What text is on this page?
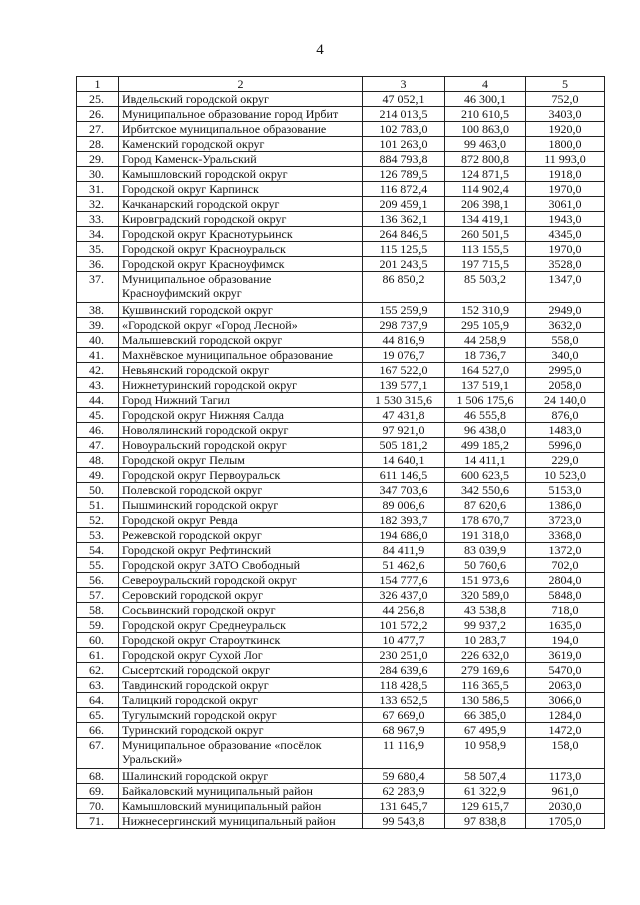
4
1	2	3	4	5
25.	Ивдельский городской округ	47 052,1	46 300,1	752,0
26.	Муниципальное образование город Ирбит	214 013,5	210 610,5	3403,0
27.	Ирбитское муниципальное образование	102 783,0	100 863,0	1920,0
28.	Каменский городской округ	101 263,0	99 463,0	1800,0
29.	Город Каменск-Уральский	884 793,8	872 800,8	11 993,0
30.	Камышловский городской округ	126 789,5	124 871,5	1918,0
31.	Городской округ Карпинск	116 872,4	114 902,4	1970,0
32.	Качканарский городской округ	209 459,1	206 398,1	3061,0
33.	Кировградский городской округ	136 362,1	134 419,1	1943,0
34.	Городской округ Краснотурьинск	264 846,5	260 501,5	4345,0
35.	Городской округ Красноуральск	115 125,5	113 155,5	1970,0
36.	Городской округ Красноуфимск	201 243,5	197 715,5	3528,0
37.	Муниципальное образование Красноуфимский округ	86 850,2	85 503,2	1347,0
38.	Кушвинский городской округ	155 259,9	152 310,9	2949,0
39.	«Городской округ «Город Лесной»	298 737,9	295 105,9	3632,0
40.	Малышевский городской округ	44 816,9	44 258,9	558,0
41.	Махнёвское муниципальное образование	19 076,7	18 736,7	340,0
42.	Невьянский городской округ	167 522,0	164 527,0	2995,0
43.	Нижнетуринский городской округ	139 577,1	137 519,1	2058,0
44.	Город Нижний Тагил	1 530 315,6	1 506 175,6	24 140,0
45.	Городской округ Нижняя Салда	47 431,8	46 555,8	876,0
46.	Новолялинский городской округ	97 921,0	96 438,0	1483,0
47.	Новоуральский городской округ	505 181,2	499 185,2	5996,0
48.	Городской округ Пелым	14 640,1	14 411,1	229,0
49.	Городской округ Первоуральск	611 146,5	600 623,5	10 523,0
50.	Полевской городской округ	347 703,6	342 550,6	5153,0
51.	Пышминский городской округ	89 006,6	87 620,6	1386,0
52.	Городской округ Ревда	182 393,7	178 670,7	3723,0
53.	Режевской городской округ	194 686,0	191 318,0	3368,0
54.	Городской округ Рефтинский	84 411,9	83 039,9	1372,0
55.	Городской округ ЗАТО Свободный	51 462,6	50 760,6	702,0
56.	Североуральский городской округ	154 777,6	151 973,6	2804,0
57.	Серовский городской округ	326 437,0	320 589,0	5848,0
58.	Сосьвинский городской округ	44 256,8	43 538,8	718,0
59.	Городской округ Среднеуральск	101 572,2	99 937,2	1635,0
60.	Городской округ Староуткинск	10 477,7	10 283,7	194,0
61.	Городской округ Сухой Лог	230 251,0	226 632,0	3619,0
62.	Сысертский городской округ	284 639,6	279 169,6	5470,0
63.	Тавдинский городской округ	118 428,5	116 365,5	2063,0
64.	Талицкий городской округ	133 652,5	130 586,5	3066,0
65.	Тугулымский городской округ	67 669,0	66 385,0	1284,0
66.	Туринский городской округ	68 967,9	67 495,9	1472,0
67.	Муниципальное образование «посёлок Уральский»	11 116,9	10 958,9	158,0
68.	Шалинский городской округ	59 680,4	58 507,4	1173,0
69.	Байкаловский муниципальный район	62 283,9	61 322,9	961,0
70.	Камышловский муниципальный район	131 645,7	129 615,7	2030,0
71.	Нижнесергинский муниципальный район	99 543,8	97 838,8	1705,0
